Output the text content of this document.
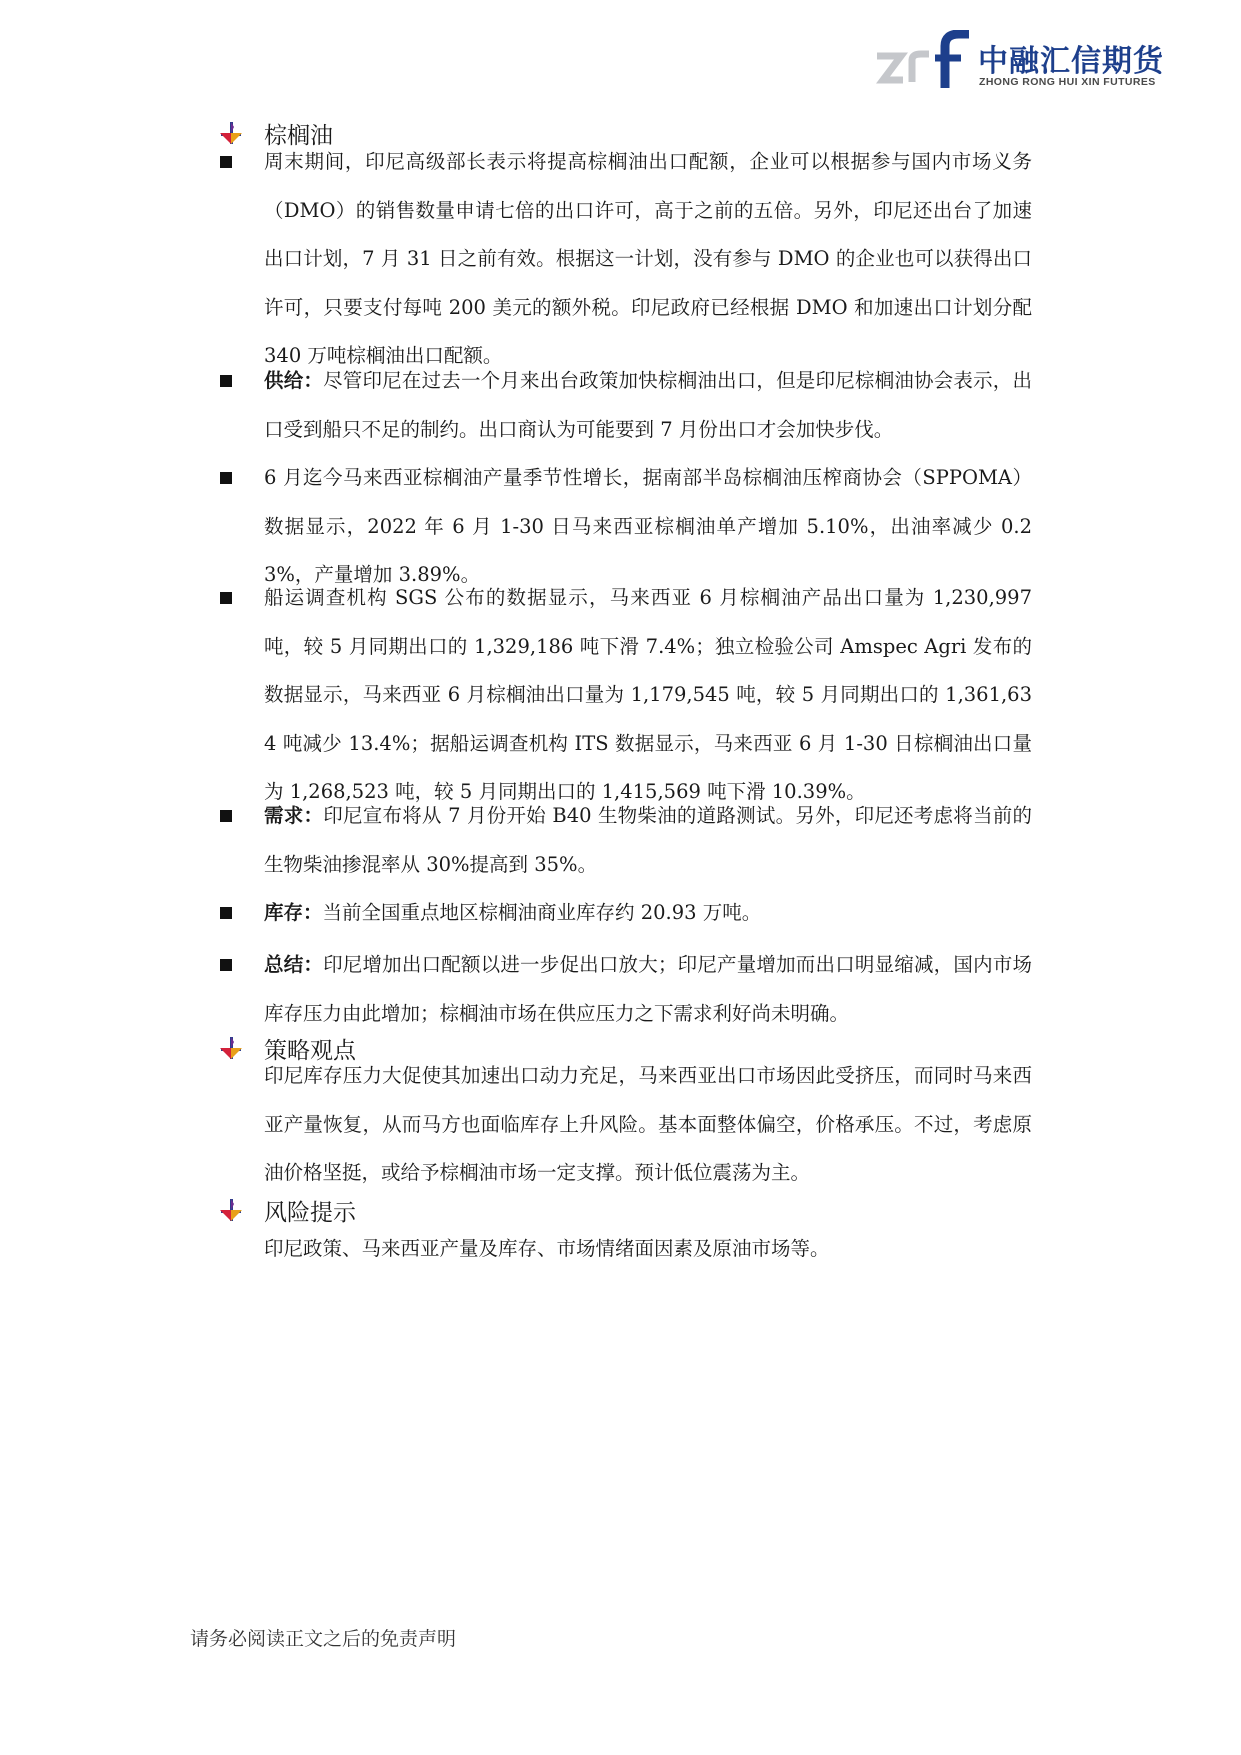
中融汇信期货
ZHONG RONG HUI XIN FUTURES
棕榈油
周末期间，印尼高级部长表示将提高棕榈油出口配额，企业可以根据参与国内市场义务（DMO）的销售数量申请七倍的出口许可，高于之前的五倍。另外，印尼还出台了加速出口计划，7 月 31 日之前有效。根据这一计划，没有参与 DMO 的企业也可以获得出口许可，只要支付每吨 200 美元的额外税。印尼政府已经根据 DMO 和加速出口计划分配 340 万吨棕榈油出口配额。
供给：尽管印尼在过去一个月来出台政策加快棕榈油出口，但是印尼棕榈油协会表示，出口受到船只不足的制约。出口商认为可能要到 7 月份出口才会加快步伐。
6 月迄今马来西亚棕榈油产量季节性增长，据南部半岛棕榈油压榨商协会（SPPOMA）数据显示，2022 年 6 月 1-30 日马来西亚棕榈油单产增加 5.10%，出油率减少 0.23%，产量增加 3.89%。
船运调查机构 SGS 公布的数据显示，马来西亚 6 月棕榈油产品出口量为 1,230,997 吨，较 5 月同期出口的 1,329,186 吨下滑 7.4%；独立检验公司 Amspec Agri 发布的数据显示，马来西亚 6 月棕榈油出口量为 1,179,545 吨，较 5 月同期出口的 1,361,634 吨减少 13.4%；据船运调查机构 ITS 数据显示，马来西亚 6 月 1-30 日棕榈油出口量为 1,268,523 吨，较 5 月同期出口的 1,415,569 吨下滑 10.39%。
需求：印尼宣布将从 7 月份开始 B40 生物柴油的道路测试。另外，印尼还考虑将当前的生物柴油掺混率从 30%提高到 35%。
库存：当前全国重点地区棕榈油商业库存约 20.93 万吨。
总结：印尼增加出口配额以进一步促出口放大；印尼产量增加而出口明显缩减，国内市场库存压力由此增加；棕榈油市场在供应压力之下需求利好尚未明确。
策略观点
印尼库存压力大促使其加速出口动力充足，马来西亚出口市场因此受挤压，而同时马来西亚产量恢复，从而马方也面临库存上升风险。基本面整体偏空，价格承压。不过，考虑原油价格坚挺，或给予棕榈油市场一定支撑。预计低位震荡为主。
风险提示
印尼政策、马来西亚产量及库存、市场情绪面因素及原油市场等。
请务必阅读正文之后的免责声明
